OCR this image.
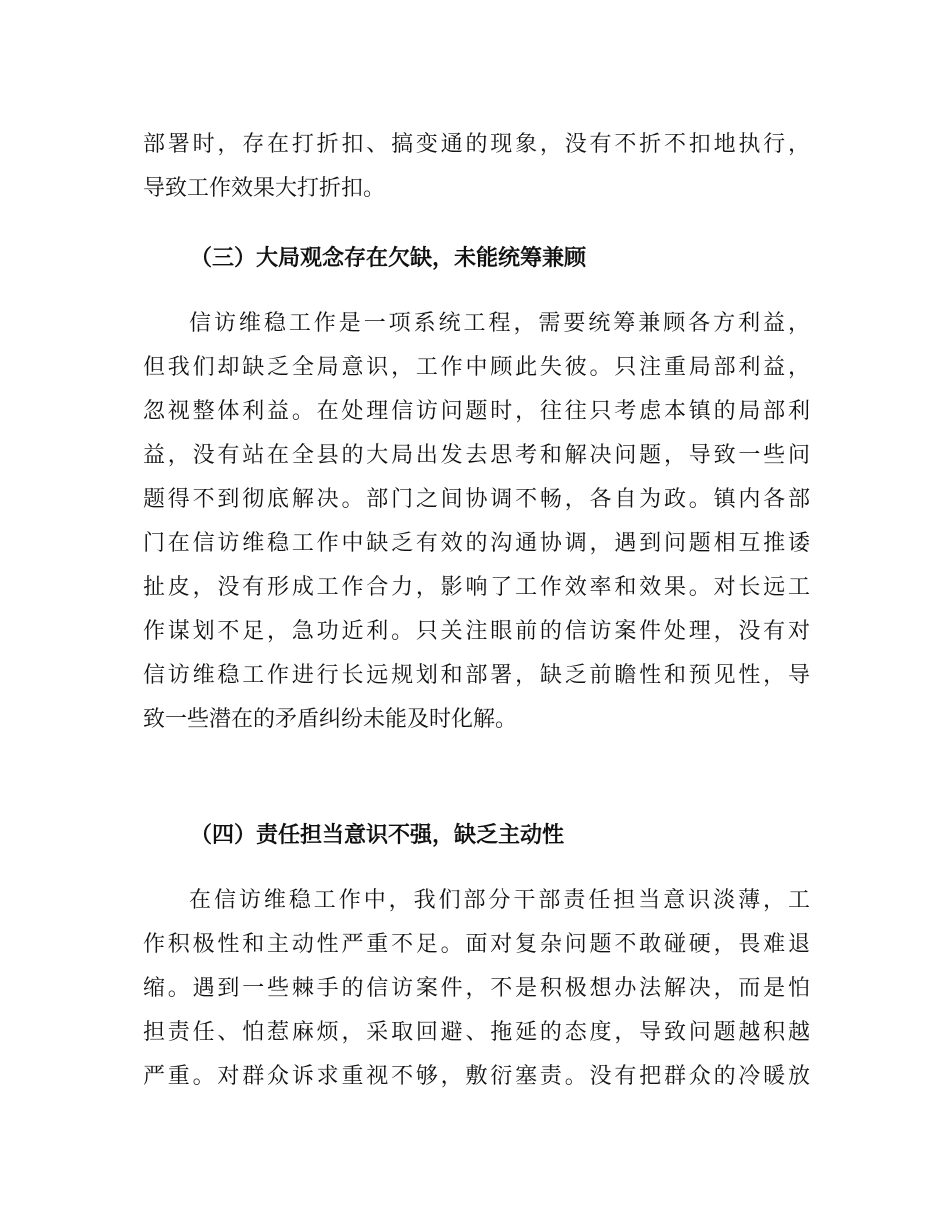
部署时，存在打折扣、搞变通的现象，没有不折不扣地执行，
导致工作效果大打折扣。
（三）大局观念存在欠缺，未能统筹兼顾
信访维稳工作是一项系统工程，需要统筹兼顾各方利益，
但我们却缺乏全局意识，工作中顾此失彼。只注重局部利益，
忽视整体利益。在处理信访问题时，往往只考虑本镇的局部利
益，没有站在全县的大局出发去思考和解决问题，导致一些问
题得不到彻底解决。部门之间协调不畅，各自为政。镇内各部
门在信访维稳工作中缺乏有效的沟通协调，遇到问题相互推诿
扯皮，没有形成工作合力，影响了工作效率和效果。对长远工
作谋划不足，急功近利。只关注眼前的信访案件处理，没有对
信访维稳工作进行长远规划和部署，缺乏前瞻性和预见性，导
致一些潜在的矛盾纠纷未能及时化解。
（四）责任担当意识不强，缺乏主动性
在信访维稳工作中，我们部分干部责任担当意识淡薄，工
作积极性和主动性严重不足。面对复杂问题不敢碰硬，畏难退
缩。遇到一些棘手的信访案件，不是积极想办法解决，而是怕
担责任、怕惹麻烦，采取回避、拖延的态度，导致问题越积越
严重。对群众诉求重视不够，敷衍塞责。没有把群众的冷暖放
